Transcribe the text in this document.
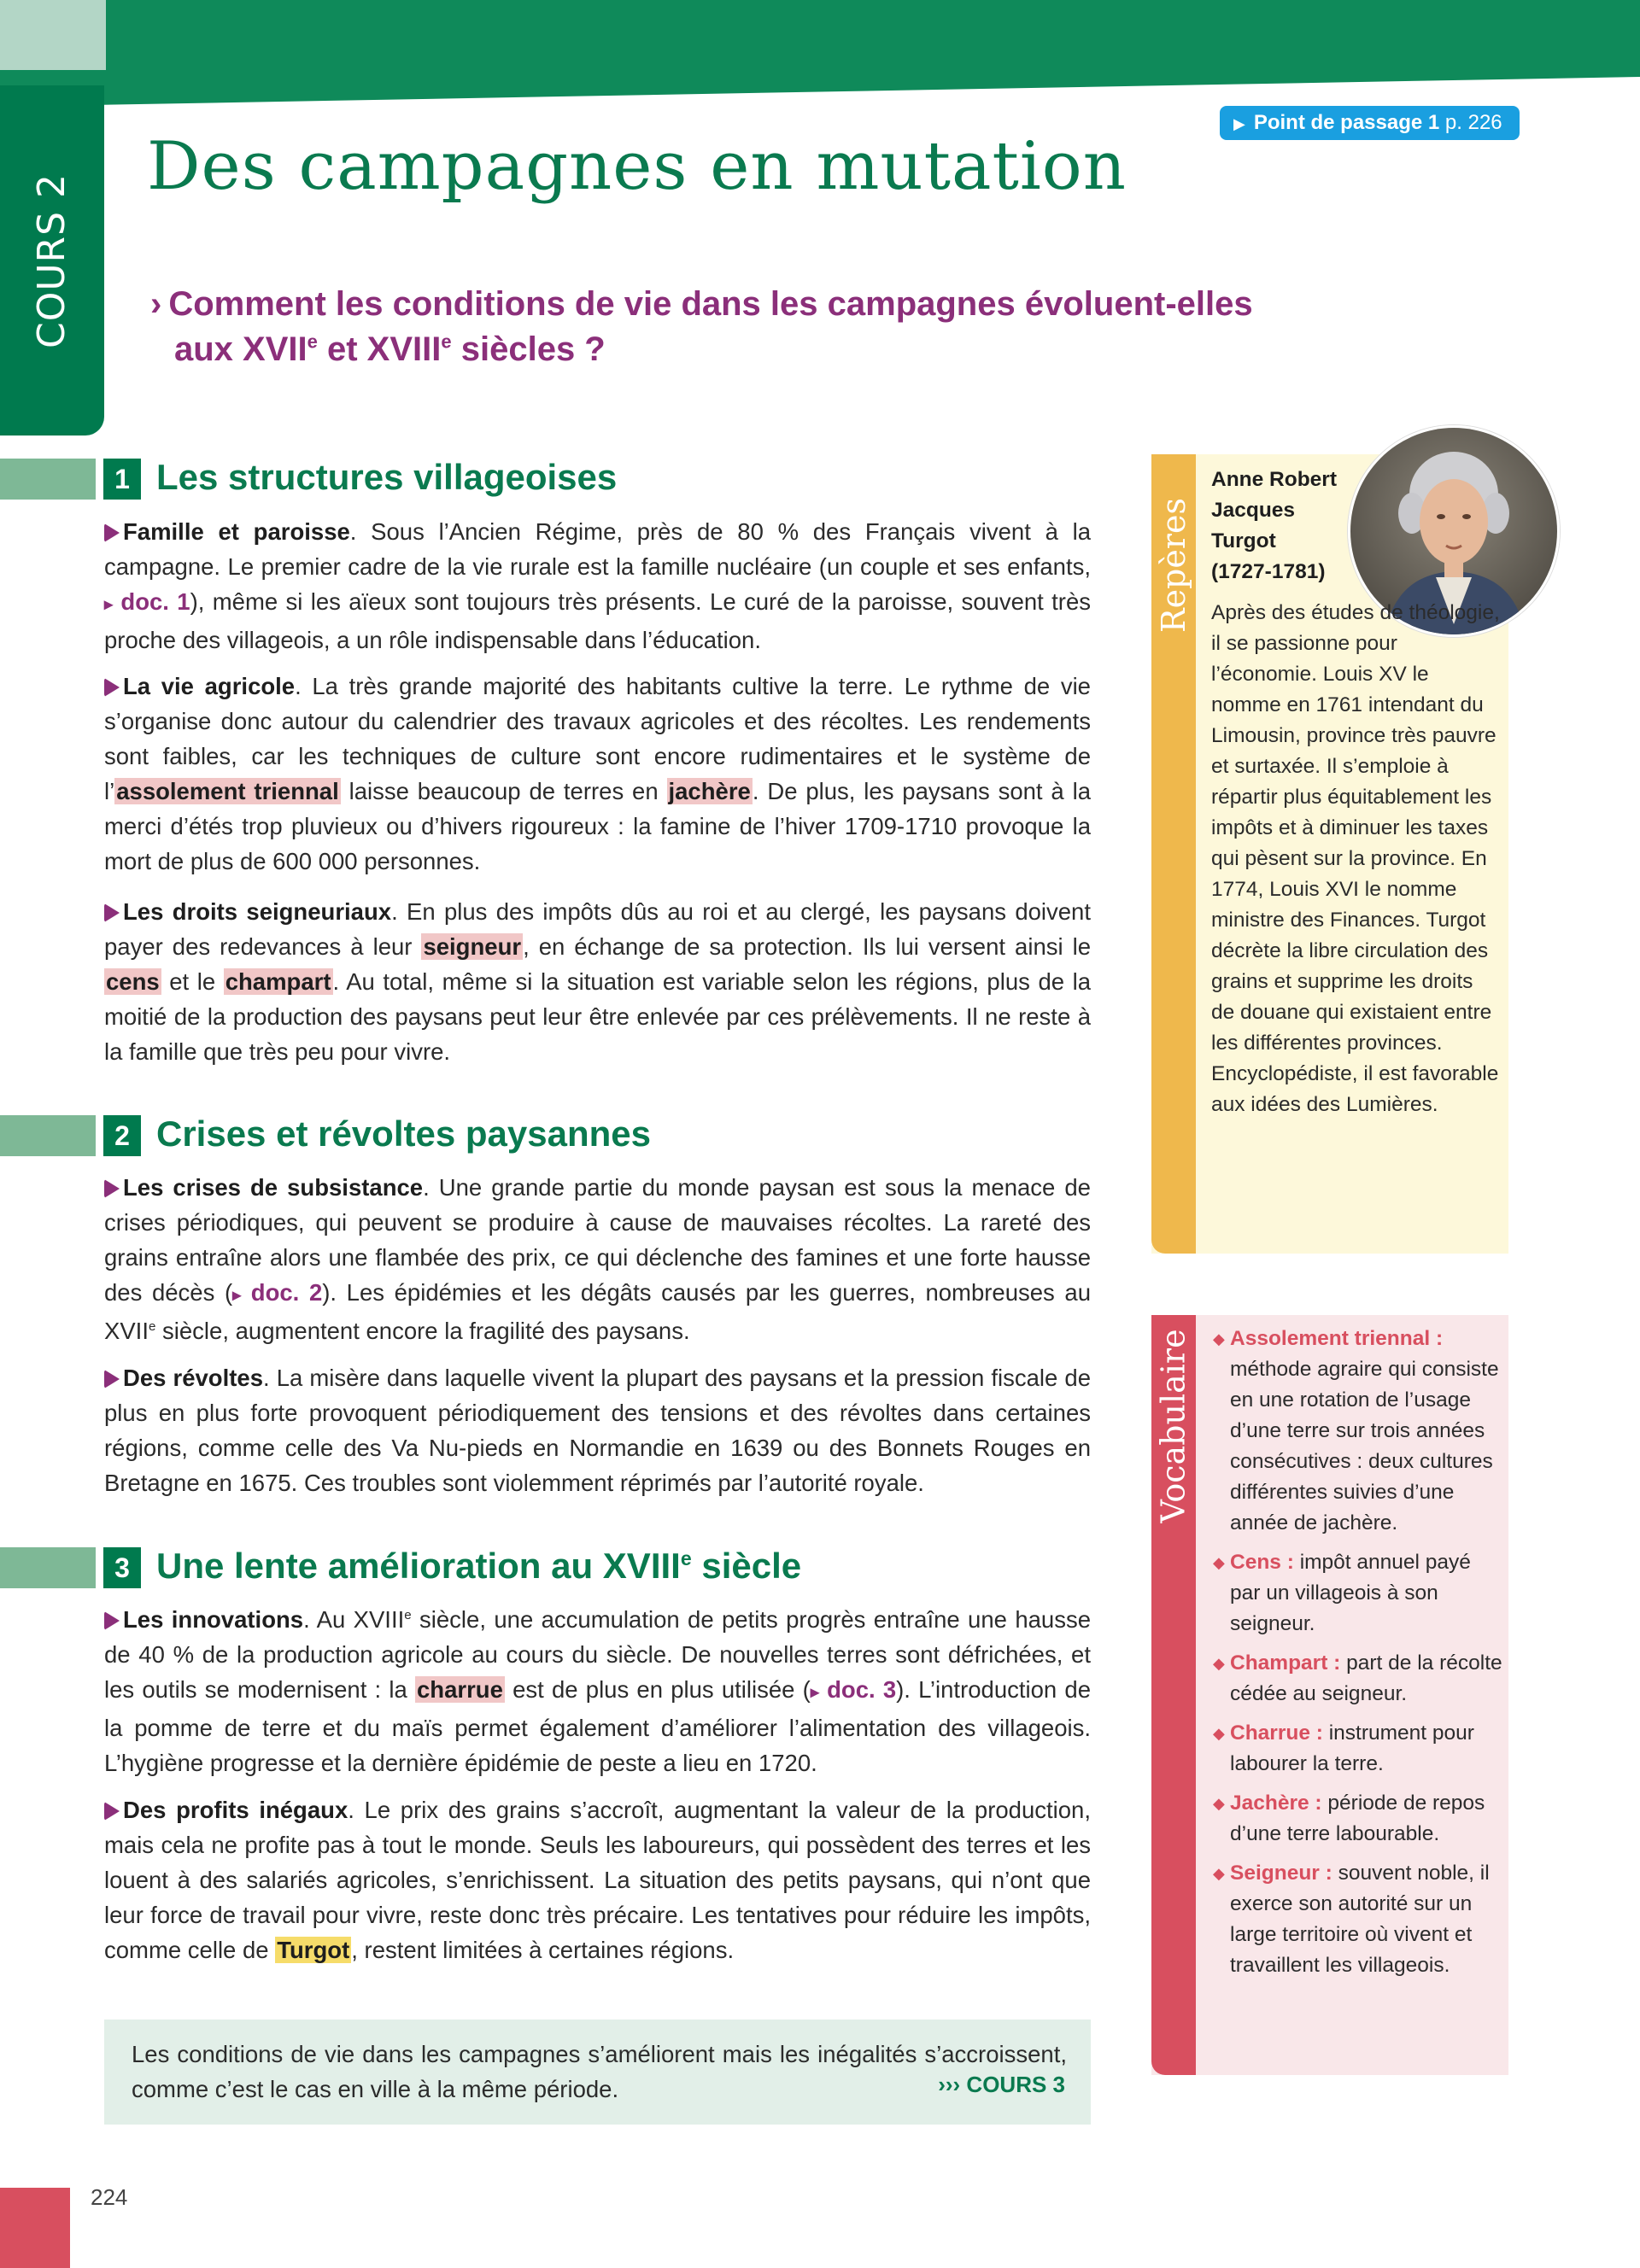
COURS 2
▶ Point de passage 1 p. 226
Des campagnes en mutation
› Comment les conditions de vie dans les campagnes évoluent-elles
aux XVIIe et XVIIIe siècles ?
1 Les structures villageoises
Famille et paroisse. Sous l’Ancien Régime, près de 80 % des Français vivent à la campagne. Le premier cadre de la vie rurale est la famille nucléaire (un couple et ses enfants, ▸ doc. 1), même si les aïeux sont toujours très présents. Le curé de la paroisse, souvent très proche des villageois, a un rôle indispensable dans l’éducation.
La vie agricole. La très grande majorité des habitants cultive la terre. Le rythme de vie s’organise donc autour du calendrier des travaux agricoles et des récoltes. Les rendements sont faibles, car les techniques de culture sont encore rudimentaires et le système de l’assolement triennal laisse beaucoup de terres en jachère. De plus, les paysans sont à la merci d’étés trop pluvieux ou d’hivers rigoureux : la famine de l’hiver 1709-1710 provoque la mort de plus de 600 000 personnes.
Les droits seigneuriaux. En plus des impôts dûs au roi et au clergé, les paysans doivent payer des redevances à leur seigneur, en échange de sa protection. Ils lui versent ainsi le cens et le champart. Au total, même si la situation est variable selon les régions, plus de la moitié de la production des paysans peut leur être enlevée par ces prélèvements. Il ne reste à la famille que très peu pour vivre.
2 Crises et révoltes paysannes
Les crises de subsistance. Une grande partie du monde paysan est sous la menace de crises périodiques, qui peuvent se produire à cause de mauvaises récoltes. La rareté des grains entraîne alors une flambée des prix, ce qui déclenche des famines et une forte hausse des décès (▸ doc. 2). Les épidémies et les dégâts causés par les guerres, nombreuses au XVIIe siècle, augmentent encore la fragilité des paysans.
Des révoltes. La misère dans laquelle vivent la plupart des paysans et la pression fiscale de plus en plus forte provoquent périodiquement des tensions et des révoltes dans certaines régions, comme celle des Va Nu-pieds en Normandie en 1639 ou des Bonnets Rouges en Bretagne en 1675. Ces troubles sont violemment réprimés par l’autorité royale.
3 Une lente amélioration au XVIIIe siècle
Les innovations. Au XVIIIe siècle, une accumulation de petits progrès entraîne une hausse de 40 % de la production agricole au cours du siècle. De nouvelles terres sont défrichées, et les outils se modernisent : la charrue est de plus en plus utilisée (▸ doc. 3). L’introduction de la pomme de terre et du maïs permet également d’améliorer l’alimentation des villageois. L’hygiène progresse et la dernière épidémie de peste a lieu en 1720.
Des profits inégaux. Le prix des grains s’accroît, augmentant la valeur de la production, mais cela ne profite pas à tout le monde. Seuls les laboureurs, qui possèdent des terres et les louent à des salariés agricoles, s’enrichissent. La situation des petits paysans, qui n’ont que leur force de travail pour vivre, reste donc très précaire. Les tentatives pour réduire les impôts, comme celle de Turgot, restent limitées à certaines régions.
Les conditions de vie dans les campagnes s’améliorent mais les inégalités s’accroissent, comme c’est le cas en ville à la même période.	››› COURS 3
Repères
Anne Robert
Jacques
Turgot
(1727-1781)
Après des études de théologie, il se passionne pour l’économie. Louis XV le nomme en 1761 intendant du Limousin, province très pauvre et surtaxée. Il s’emploie à répartir plus équitablement les impôts et à diminuer les taxes qui pèsent sur la province. En 1774, Louis XVI le nomme ministre des Finances. Turgot décrète la libre circulation des grains et supprime les droits de douane qui existaient entre les différentes provinces. Encyclopédiste, il est favorable aux idées des Lumières.
Vocabulaire ◆ Assolement triennal : méthode agraire qui consiste en une rotation de l’usage d’une terre sur trois années consécutives : deux cultures différentes suivies d’une année de jachère.
◆ Cens : impôt annuel payé par un villageois à son seigneur.
◆ Champart : part de la récolte cédée au seigneur.
◆ Charrue : instrument pour labourer la terre.
◆ Jachère : période de repos d’une terre labourable.
◆ Seigneur : souvent noble, il exerce son autorité sur un large territoire où vivent et travaillent les villageois.
224
